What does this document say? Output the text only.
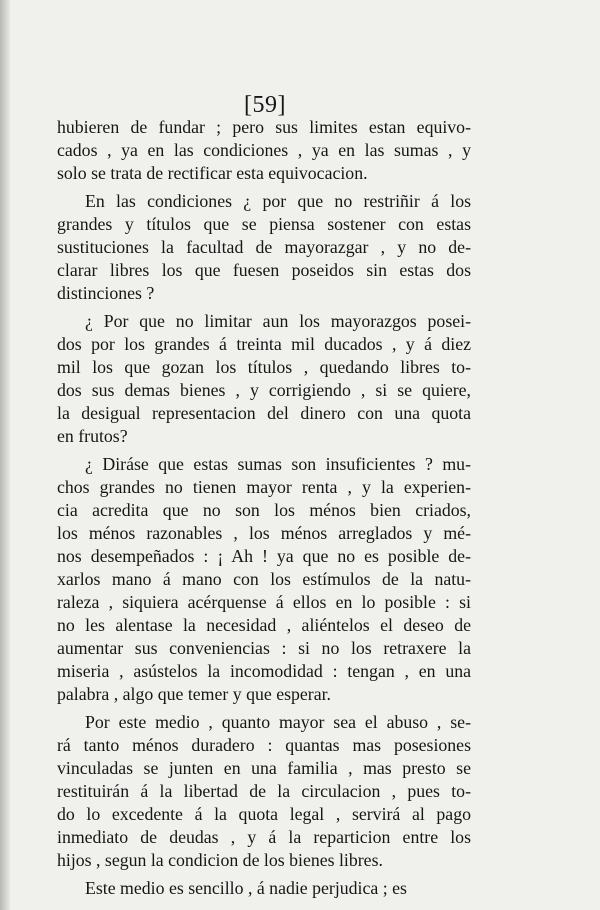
[59]
hubieren de fundar ; pero sus limites estan equivo-
cados , ya en las condiciones , ya en las sumas , y
solo se trata de rectificar esta equivocacion.
En las condiciones ¿ por que no restriñir á los
grandes y títulos que se piensa sostener con estas
sustituciones la facultad de mayorazgar , y no de-
clarar libres los que fuesen poseidos sin estas dos
distinciones ?
¿ Por que no limitar aun los mayorazgos posei-
dos por los grandes á treinta mil ducados , y á diez
mil los que gozan los títulos , quedando libres to-
dos sus demas bienes , y corrigiendo , si se quiere,
la desigual representacion del dinero con una quota
en frutos?
¿ Diráse que estas sumas son insuficientes ? mu-
chos grandes no tienen mayor renta , y la experien-
cia acredita que no son los ménos bien criados,
los ménos razonables , los ménos arreglados y mé-
nos desempeñados : ¡ Ah ! ya que no es posible de-
xarlos mano á mano con los estímulos de la natu-
raleza , siquiera acérquense á ellos en lo posible : si
no les alentase la necesidad , aliéntelos el deseo de
aumentar sus conveniencias : si no los retraxere la
miseria , asústelos la incomodidad : tengan , en una
palabra , algo que temer y que esperar.
Por este medio , quanto mayor sea el abuso , se-
rá tanto ménos duradero : quantas mas posesiones
vinculadas se junten en una familia , mas presto se
restituirán á la libertad de la circulacion , pues to-
do lo excedente á la quota legal , servirá al pago
inmediato de deudas , y á la reparticion entre los
hijos , segun la condicion de los bienes libres.
Este medio es sencillo , á nadie perjudica ; es
